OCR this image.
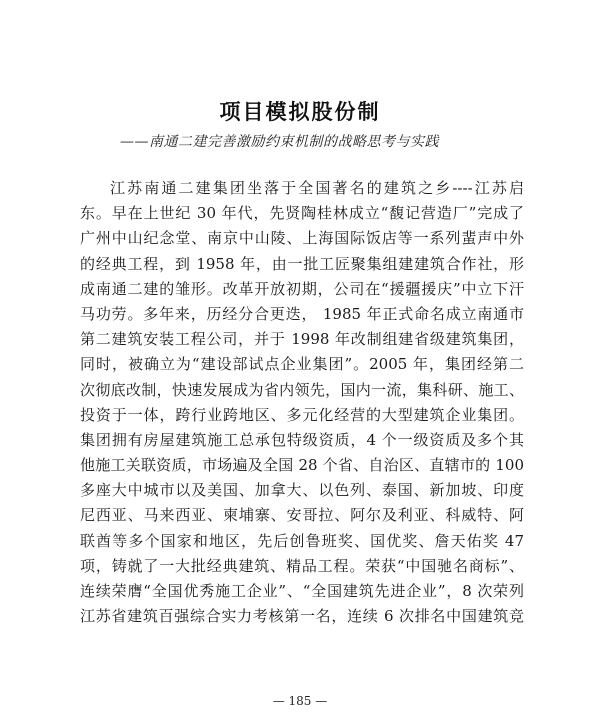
项目模拟股份制
——南通二建完善激励约束机制的战略思考与实践
江苏南通二建集团坐落于全国著名的建筑之乡----江苏启
东。早在上世纪 30 年代，先贤陶桂林成立“馥记营造厂”完成了
广州中山纪念堂、南京中山陵、上海国际饭店等一系列蜚声中外
的经典工程，到 1958 年，由一批工匠聚集组建建筑合作社，形
成南通二建的雏形。改革开放初期，公司在“援疆援庆”中立下汗
马功劳。多年来，历经分合更迭， 1985 年正式命名成立南通市
第二建筑安装工程公司，并于 1998 年改制组建省级建筑集团，
同时，被确立为“建设部试点企业集团”。2005 年，集团经第二
次彻底改制，快速发展成为省内领先，国内一流，集科研、施工、
投资于一体，跨行业跨地区、多元化经营的大型建筑企业集团。
集团拥有房屋建筑施工总承包特级资质，4 个一级资质及多个其
他施工关联资质，市场遍及全国 28 个省、自治区、直辖市的 100
多座大中城市以及美国、加拿大、以色列、泰国、新加坡、印度
尼西亚、马来西亚、柬埔寨、安哥拉、阿尔及利亚、科威特、阿
联酋等多个国家和地区，先后创鲁班奖、国优奖、詹天佑奖 47
项，铸就了一大批经典建筑、精品工程。荣获“中国驰名商标”、
连续荣膺“全国优秀施工企业”、“全国建筑先进企业”，8 次荣列
江苏省建筑百强综合实力考核第一名，连续 6 次排名中国建筑竞
— 185 —
